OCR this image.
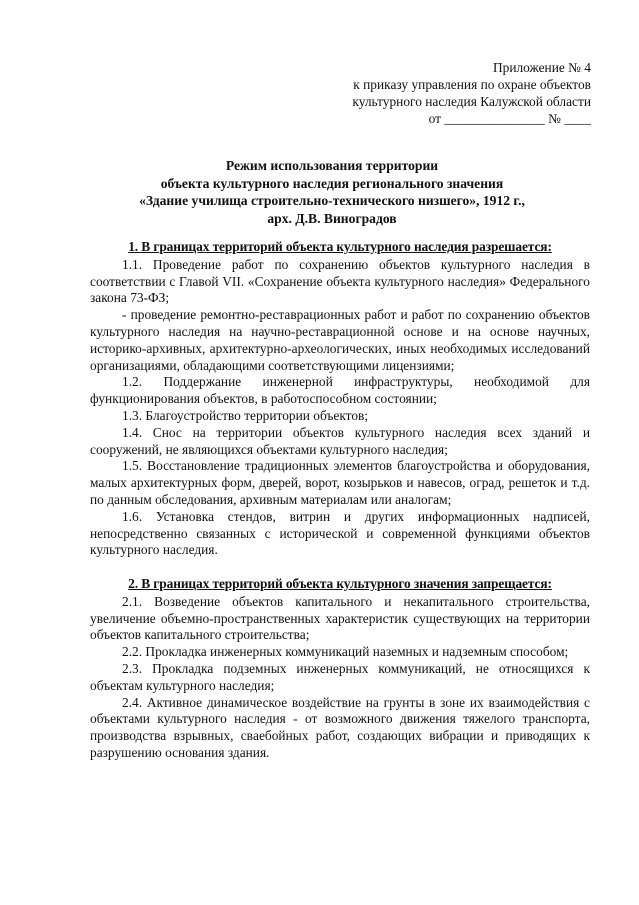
Приложение № 4
к приказу управления по охране объектов
культурного наследия Калужской области
от _______________ № ____
Режим использования территории
объекта культурного наследия регионального значения
«Здание училища строительно-технического низшего», 1912 г.,
арх. Д.В. Виноградов
1. В границах территорий объекта культурного наследия разрешается:

1.1. Проведение работ по сохранению объектов культурного наследия в соответствии с Главой VII. «Сохранение объекта культурного наследия» Федерального закона 73-ФЗ;

- проведение ремонтно-реставрационных работ и работ по сохранению объектов культурного наследия на научно-реставрационной основе и на основе научных, историко-архивных, архитектурно-археологических, иных необходимых исследований организациями, обладающими соответствующими лицензиями;

1.2. Поддержание инженерной инфраструктуры, необходимой для функционирования объектов, в работоспособном состоянии;

1.3. Благоустройство территории объектов;

1.4. Снос на территории объектов культурного наследия всех зданий и сооружений, не являющихся объектами культурного наследия;

1.5. Восстановление традиционных элементов благоустройства и оборудования, малых архитектурных форм, дверей, ворот, козырьков и навесов, оград, решеток и т.д. по данным обследования, архивным материалам или аналогам;

1.6. Установка стендов, витрин и других информационных надписей, непосредственно связанных с исторической и современной функциями объектов культурного наследия.

2. В границах территорий объекта культурного значения запрещается:

2.1. Возведение объектов капитального и некапитального строительства, увеличение объемно-пространственных характеристик существующих на территории объектов капитального строительства;

2.2. Прокладка инженерных коммуникаций наземных и надземным способом;

2.3. Прокладка подземных инженерных коммуникаций, не относящихся к объектам культурного наследия;

2.4. Активное динамическое воздействие на грунты в зоне их взаимодействия с объектами культурного наследия - от возможного движения тяжелого транспорта, производства взрывных, свaебойных работ, создающих вибрации и приводящих к разрушению основания здания.
